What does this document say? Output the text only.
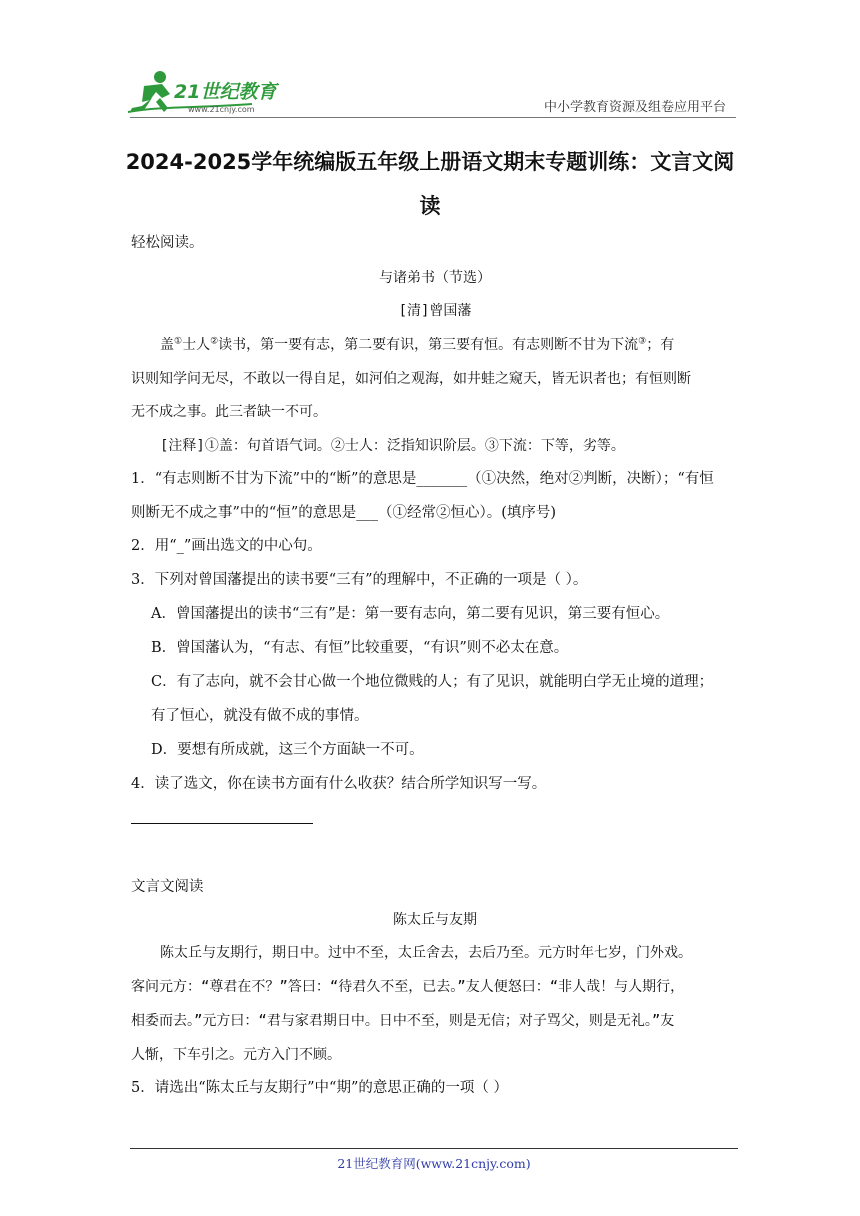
21世纪教育
www.21cnjy.com	中小学教育资源及组卷应用平台
2024-2025学年统编版五年级上册语文期末专题训练：文言文阅
读
轻松阅读。
与诸弟书（节选）
[清]曾国藩
盖①士人②读书，第一要有志，第二要有识，第三要有恒。有志则断不甘为下流③；有
识则知学问无尽，不敢以一得自足，如河伯之观海，如井蛙之窥天，皆无识者也；有恒则断
无不成之事。此三者缺一不可。
[注释]①盖：句首语气词。②士人：泛指知识阶层。③下流：下等，劣等。
1．“有志则断不甘为下流”中的“断”的意思是_______（①决然，绝对②判断，决断）；“有恒
则断无不成之事”中的“恒”的意思是___（①经常②恒心）。(填序号)
2．用“_”画出选文的中心句。
3．下列对曾国藩提出的读书要“三有”的理解中，不正确的一项是（ ）。
A．曾国藩提出的读书“三有”是：第一要有志向，第二要有见识，第三要有恒心。
B．曾国藩认为，“有志、有恒”比较重要，“有识”则不必太在意。
C．有了志向，就不会甘心做一个地位微贱的人；有了见识，就能明白学无止境的道理；
有了恒心，就没有做不成的事情。
D．要想有所成就，这三个方面缺一不可。
4．读了选文，你在读书方面有什么收获？结合所学知识写一写。
文言文阅读
陈太丘与友期
陈太丘与友期行，期日中。过中不至，太丘舍去，去后乃至。元方时年七岁，门外戏。
客问元方：“尊君在不？”答曰：“待君久不至，已去。”友人便怒曰：“非人哉！与人期行，
相委而去。”元方曰：“君与家君期日中。日中不至，则是无信；对子骂父，则是无礼。”友
人惭，下车引之。元方入门不顾。
5．请选出“陈太丘与友期行”中“期”的意思正确的一项（ ）
21世纪教育网(www.21cnjy.com)
